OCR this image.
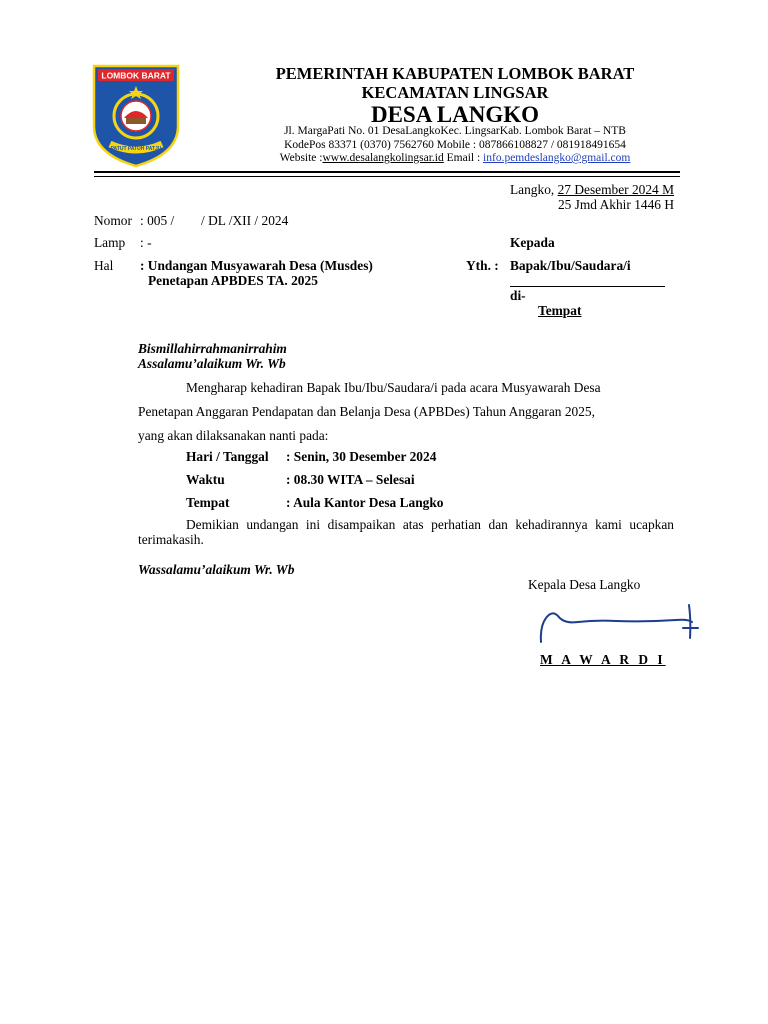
LOMBOK BARAT
PATUT PATUH PATJU
PEMERINTAH KABUPATEN LOMBOK BARAT
KECAMATAN LINGSAR
DESA LANGKO
Jl. MargaPati No. 01 DesaLangkoKec. LingsarKab. Lombok Barat – NTB
KodePos 83371 (0370) 7562760 Mobile : 087866108827 / 081918491654
Website :www.desalangkolingsar.id Email : info.pemdeslangko@gmail.com
Langko, 27 Desember 2024 M
25 Jmd Akhir 1446 H
Nomor : 005 /        / DL /XII / 2024
Lamp : -
Hal : Undangan Musyawarah Desa (Musdes)
Penetapan APBDES TA. 2025
Kepada
Yth. : Bapak/Ibu/Saudara/i
di-
Tempat
Bismillahirrahmanirrahim
Assalamu’alaikum Wr. Wb
Mengharap kehadiran Bapak Ibu/Ibu/Saudara/i pada acara Musyawarah Desa
Penetapan Anggaran Pendapatan dan Belanja Desa (APBDes) Tahun Anggaran 2025,
yang akan dilaksanakan nanti pada:
Hari / Tanggal : Senin, 30 Desember 2024
Waktu	: 08.30 WITA – Selesai
Tempat	: Aula Kantor Desa Langko
Demikian undangan ini disampaikan atas perhatian dan kehadirannya kami ucapkan terimakasih.
Wassalamu’alaikum Wr. Wb
Kepala Desa Langko
M A W A R D I
